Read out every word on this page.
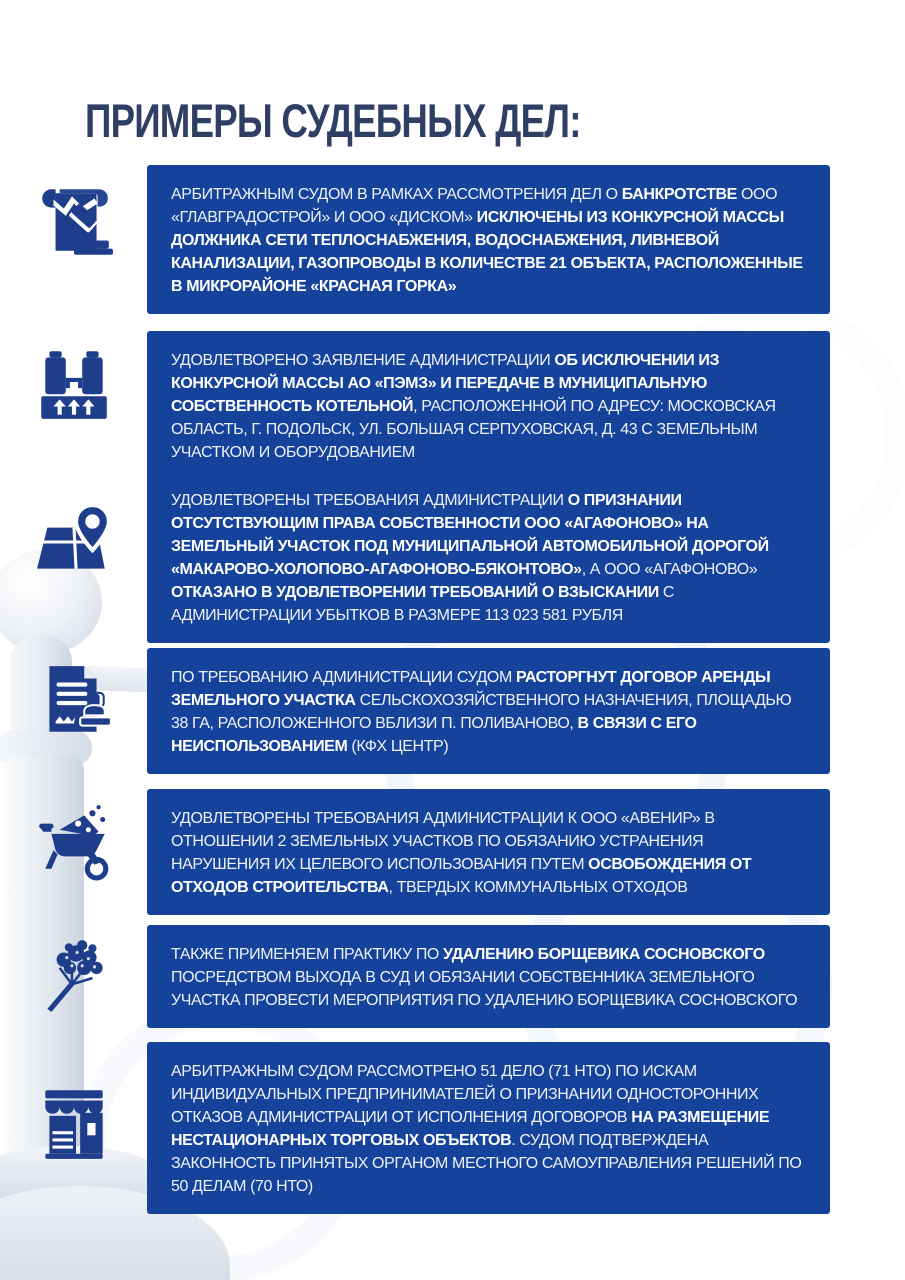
ПРИМЕРЫ СУДЕБНЫХ ДЕЛ:

АРБИТРАЖНЫМ СУДОМ В РАМКАХ РАССМОТРЕНИЯ ДЕЛ О БАНКРОТСТВЕ ООО «ГЛАВГРАДОСТРОЙ» И ООО «ДИСКОМ» ИСКЛЮЧЕНЫ ИЗ КОНКУРСНОЙ МАССЫ ДОЛЖНИКА СЕТИ ТЕПЛОСНАБЖЕНИЯ, ВОДОСНАБЖЕНИЯ, ЛИВНЕВОЙ КАНАЛИЗАЦИИ, ГАЗОПРОВОДЫ В КОЛИЧЕСТВЕ 21 ОБЪЕКТА, РАСПОЛОЖЕННЫЕ В МИКРОРАЙОНЕ «КРАСНАЯ ГОРКА»

УДОВЛЕТВОРЕНО ЗАЯВЛЕНИЕ АДМИНИСТРАЦИИ ОБ ИСКЛЮЧЕНИИ ИЗ КОНКУРСНОЙ МАССЫ АО «ПЭМЗ» И ПЕРЕДАЧЕ В МУНИЦИПАЛЬНУЮ СОБСТВЕННОСТЬ КОТЕЛЬНОЙ, РАСПОЛОЖЕННОЙ ПО АДРЕСУ: МОСКОВСКАЯ ОБЛАСТЬ, Г. ПОДОЛЬСК, УЛ. БОЛЬШАЯ СЕРПУХОВСКАЯ, Д. 43 С ЗЕМЕЛЬНЫМ УЧАСТКОМ И ОБОРУДОВАНИЕМ

УДОВЛЕТВОРЕНЫ ТРЕБОВАНИЯ АДМИНИСТРАЦИИ О ПРИЗНАНИИ ОТСУТСТВУЮЩИМ ПРАВА СОБСТВЕННОСТИ ООО «АГАФОНОВО» НА ЗЕМЕЛЬНЫЙ УЧАСТОК ПОД МУНИЦИПАЛЬНОЙ АВТОМОБИЛЬНОЙ ДОРОГОЙ «МАКАРОВО-ХОЛОПОВО-АГАФОНОВО-БЯКОНТОВО», А ООО «АГАФОНОВО» ОТКАЗАНО В УДОВЛЕТВОРЕНИИ ТРЕБОВАНИЙ О ВЗЫСКАНИИ С АДМИНИСТРАЦИИ УБЫТКОВ В РАЗМЕРЕ 113 023 581 РУБЛЯ

ПО ТРЕБОВАНИЮ АДМИНИСТРАЦИИ СУДОМ РАСТОРГНУТ ДОГОВОР АРЕНДЫ ЗЕМЕЛЬНОГО УЧАСТКА СЕЛЬСКОХОЗЯЙСТВЕННОГО НАЗНАЧЕНИЯ, ПЛОЩАДЬЮ 38 ГА, РАСПОЛОЖЕННОГО ВБЛИЗИ П. ПОЛИВАНОВО, В СВЯЗИ С ЕГО НЕИСПОЛЬЗОВАНИЕМ (КФХ ЦЕНТР)

УДОВЛЕТВОРЕНЫ ТРЕБОВАНИЯ АДМИНИСТРАЦИИ К ООО «АВЕНИР» В ОТНОШЕНИИ 2 ЗЕМЕЛЬНЫХ УЧАСТКОВ ПО ОБЯЗАНИЮ УСТРАНЕНИЯ НАРУШЕНИЯ ИХ ЦЕЛЕВОГО ИСПОЛЬЗОВАНИЯ ПУТЕМ ОСВОБОЖДЕНИЯ ОТ ОТХОДОВ СТРОИТЕЛЬСТВА, ТВЕРДЫХ КОММУНАЛЬНЫХ ОТХОДОВ

ТАКЖЕ ПРИМЕНЯЕМ ПРАКТИКУ ПО УДАЛЕНИЮ БОРЩЕВИКА СОСНОВСКОГО ПОСРЕДСТВОМ ВЫХОДА В СУД И ОБЯЗАНИИ СОБСТВЕННИКА ЗЕМЕЛЬНОГО УЧАСТКА ПРОВЕСТИ МЕРОПРИЯТИЯ ПО УДАЛЕНИЮ БОРЩЕВИКА СОСНОВСКОГО

АРБИТРАЖНЫМ СУДОМ РАССМОТРЕНО 51 ДЕЛО (71 НТО) ПО ИСКАМ ИНДИВИДУАЛЬНЫХ ПРЕДПРИНИМАТЕЛЕЙ О ПРИЗНАНИИ ОДНОСТОРОННИХ ОТКАЗОВ АДМИНИСТРАЦИИ ОТ ИСПОЛНЕНИЯ ДОГОВОРОВ НА РАЗМЕЩЕНИЕ НЕСТАЦИОНАРНЫХ ТОРГОВЫХ ОБЪЕКТОВ. СУДОМ ПОДТВЕРЖДЕНА ЗАКОННОСТЬ ПРИНЯТЫХ ОРГАНОМ МЕСТНОГО САМОУПРАВЛЕНИЯ РЕШЕНИЙ ПО 50 ДЕЛАМ (70 НТО)
